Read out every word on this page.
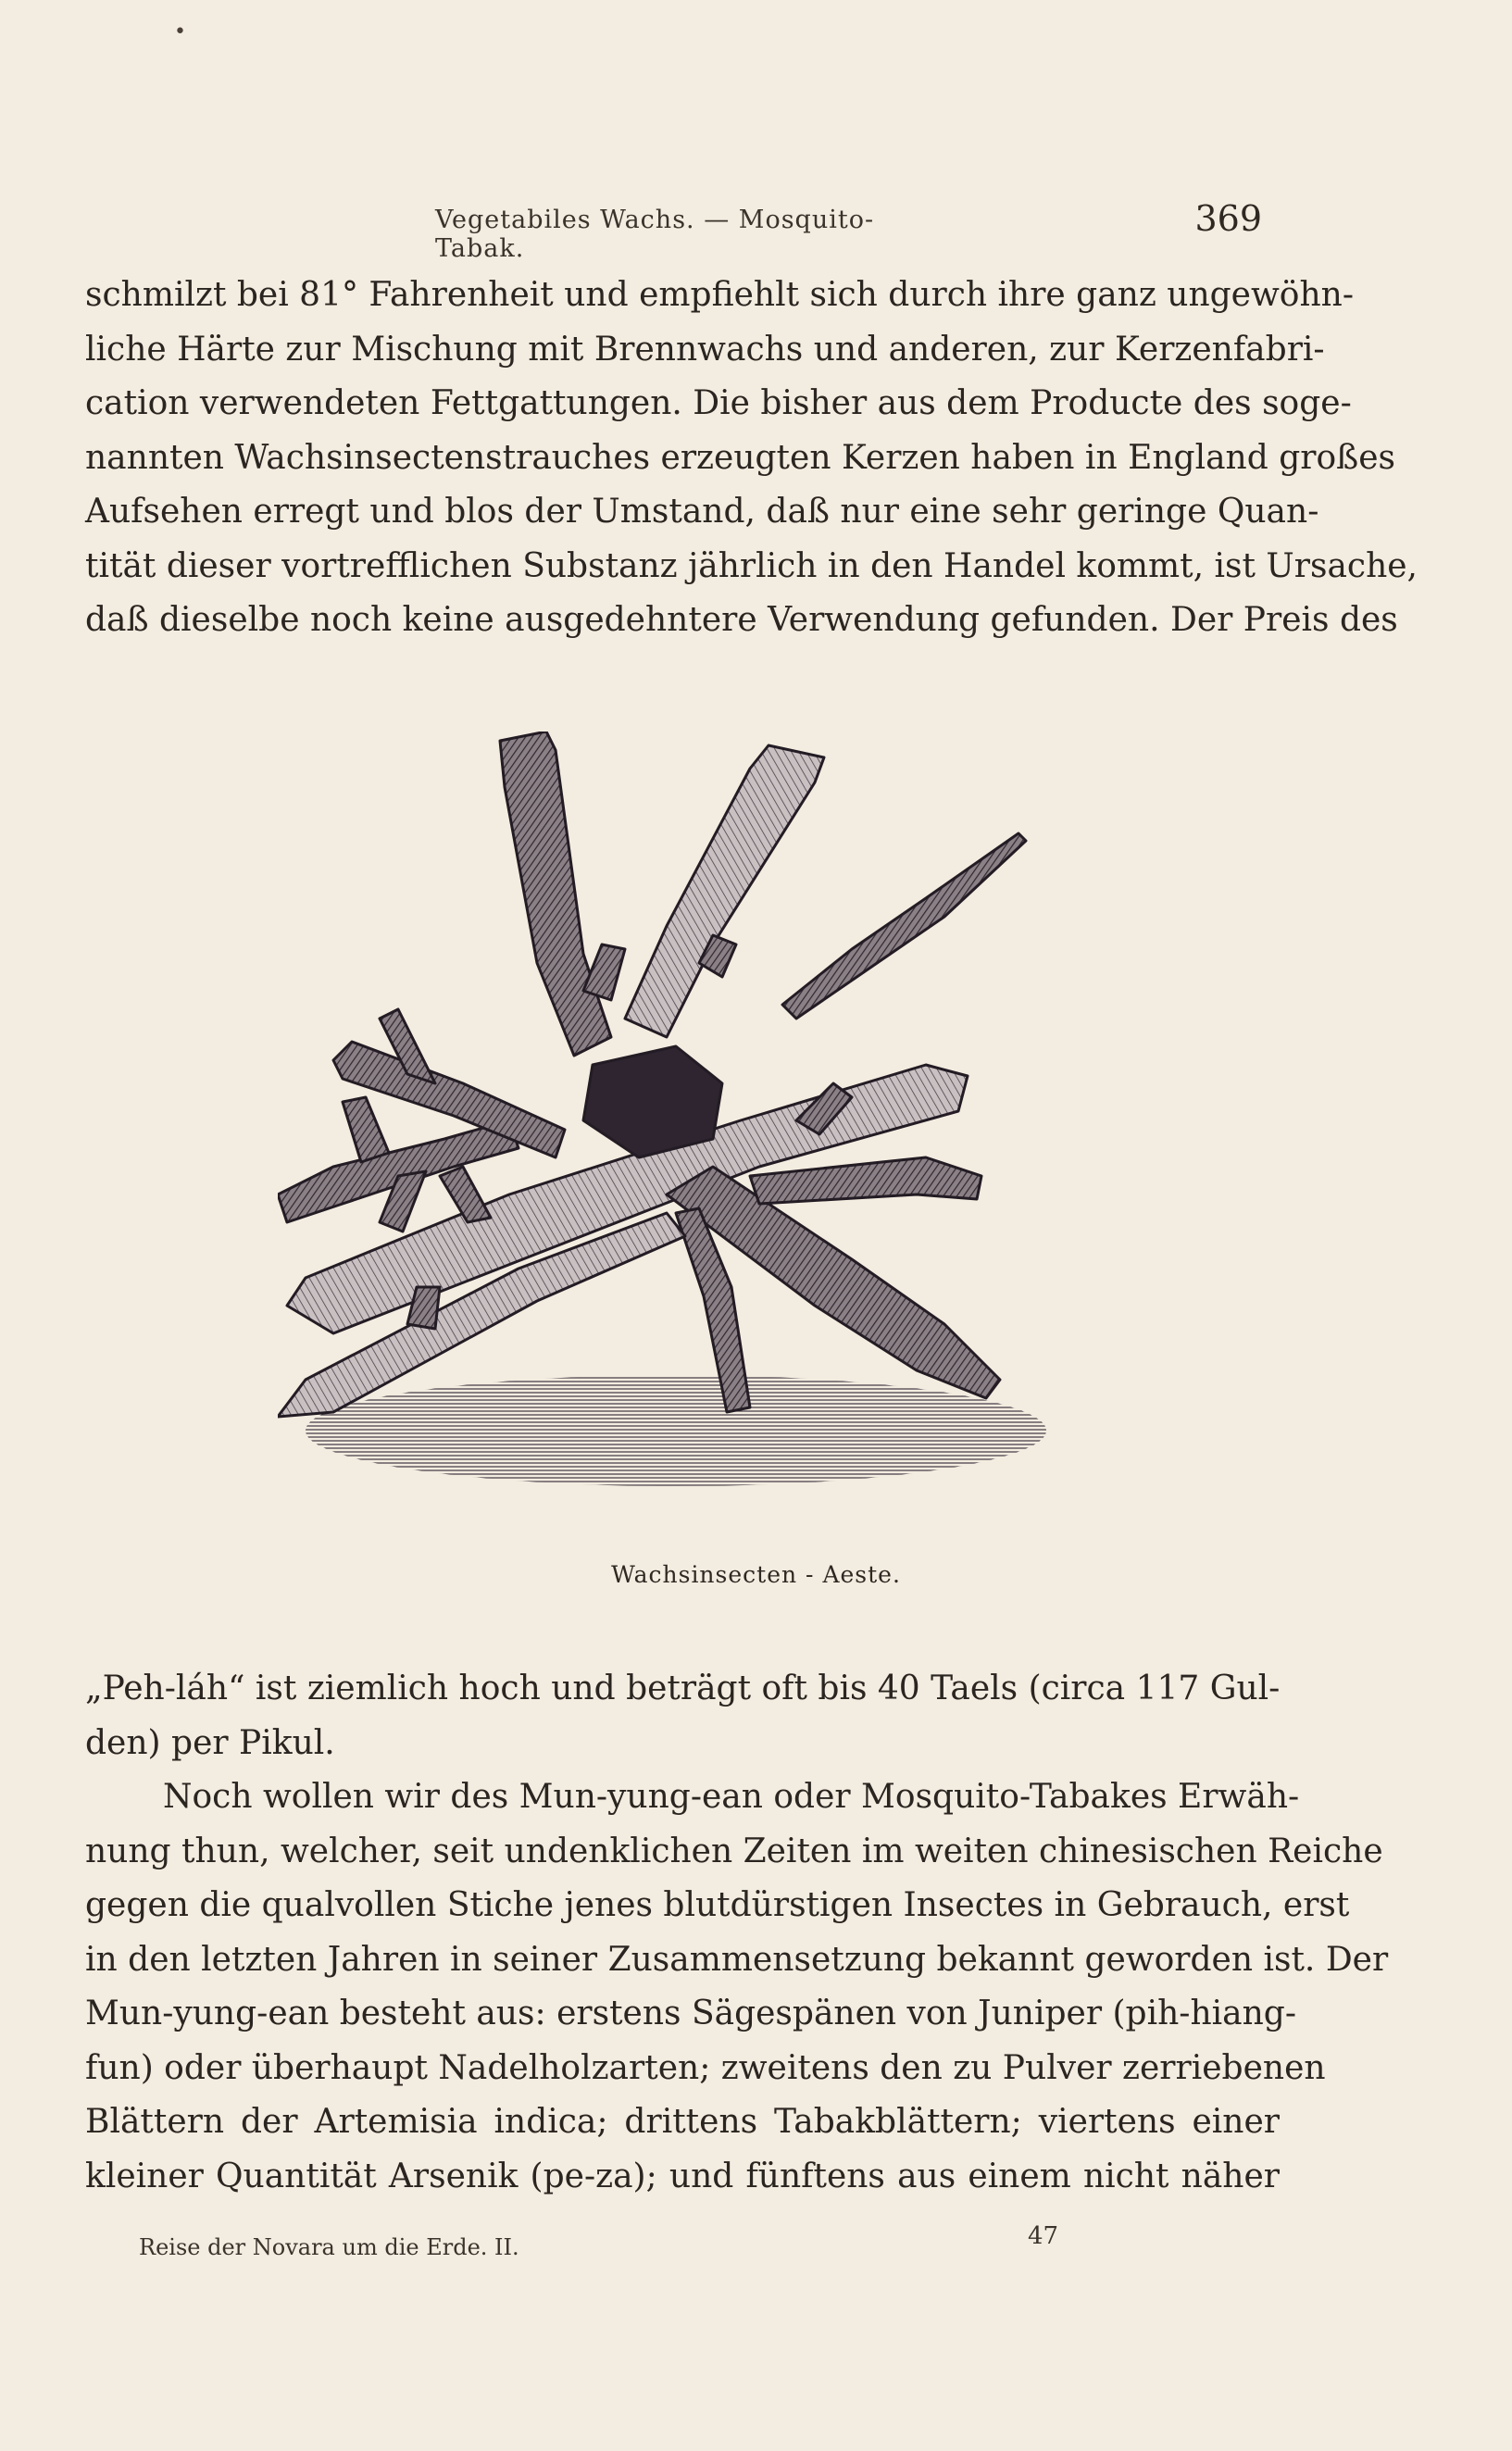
•
Vegetabiles Wachs. — Mosquito-Tabak.
369
schmilzt bei 81° Fahrenheit und empfiehlt sich durch ihre ganz ungewöhn-
liche Härte zur Mischung mit Brennwachs und anderen, zur Kerzenfabri-
cation verwendeten Fettgattungen. Die bisher aus dem Producte des soge-
nannten Wachsinsectenstrauches erzeugten Kerzen haben in England großes
Aufsehen erregt und blos der Umstand, daß nur eine sehr geringe Quan-
tität dieser vortrefflichen Substanz jährlich in den Handel kommt, ist Ursache,
daß dieselbe noch keine ausgedehntere Verwendung gefunden. Der Preis des
Wachsinsecten - Aeste.
„Peh-láh“ ist ziemlich hoch und beträgt oft bis 40 Taels (circa 117 Gul-
den) per Pikul.
Noch wollen wir des Mun-yung-ean oder Mosquito-Tabakes Erwäh-
nung thun, welcher, seit undenklichen Zeiten im weiten chinesischen Reiche
gegen die qualvollen Stiche jenes blutdürstigen Insectes in Gebrauch, erst
in den letzten Jahren in seiner Zusammensetzung bekannt geworden ist. Der
Mun-yung-ean besteht aus: erstens Sägespänen von Juniper (pih-hiang-
fun) oder überhaupt Nadelholzarten; zweitens den zu Pulver zerriebenen
Blättern der Artemisia indica; drittens Tabakblättern; viertens einer
kleiner Quantität Arsenik (pe-za); und fünftens aus einem nicht näher
Reise der Novara um die Erde. II.	47
